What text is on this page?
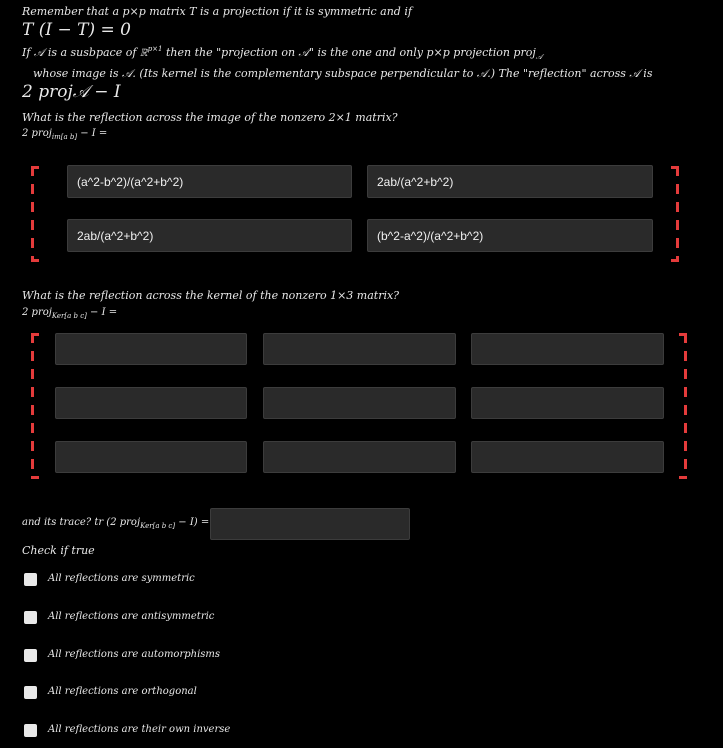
Remember that a p×p matrix T is a projection if it is symmetric and if
T (I − T) = 0
If 𝒜 is a susbpace of ℝ$^{p\times 1}$ then the "projection on 𝒜" is the one and only p×p projection proj$_𝒜$
whose image is 𝒜. (Its kernel is the complementary subspace perpendicular to 𝒜.) The "reflection" across 𝒜 is
2 proj𝒜 − I
What is the reflection across the image of the nonzero 2×1 matrix?
2 proj$_{im[a b]}$ − I =
(a^2-b^2)/(a^2+b^2)	2ab/(a^2+b^2)
2ab/(a^2+b^2)	(b^2-a^2)/(a^2+b^2)
What is the reflection across the kernel of the nonzero 1×3 matrix?
2 proj$_{Ker[a b c]}$ − I =
and its trace? tr (2 proj$_{Ker[a b c]}$ − I) =
Check if true
All reflections are symmetric
All reflections are antisymmetric
All reflections are automorphisms
All reflections are orthogonal
All reflections are their own inverse
